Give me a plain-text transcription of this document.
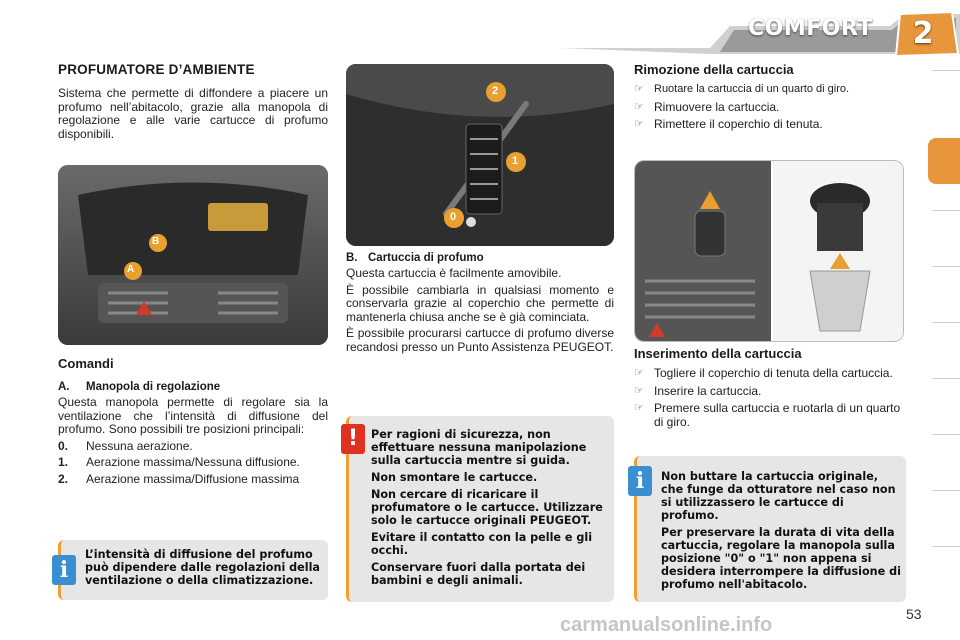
COMFORT 2
PROFUMATORE D’AMBIENTE

Sistema che permette di diffondere a piacere un profumo nell’abitacolo, grazie alla manopola di regolazione e alle varie cartucce di profumo disponibili.

B
A
Comandi
A.	Manopola di regolazione

Questa manopola permette di regolare sia la ventilazione che l’intensità di diffusione del profumo. Sono possibili tre posizioni principali:

0.	Nessuna aerazione.
1.	Aerazione massima/Nessuna diffusione.
2.	Aerazione massima/Diffusione massima
L’intensità di diffusione del profumo può dipendere dalle regolazioni della ventilazione o della climatizzazione.
i
2
1
0
B. Cartuccia di profumo

Questa cartuccia è facilmente amovibile.

È possibile cambiarla in qualsiasi momento e conservarla grazie al coperchio che permette di mantenerla chiusa anche se è già cominciata.

È possibile procurarsi cartucce di profumo diverse recandosi presso un Punto Assistenza PEUGEOT.

Per ragioni di sicurezza, non effettuare nessuna manipolazione sulla cartuccia mentre si guida.

Non smontare le cartucce.

Non cercare di ricaricare il profumatore o le cartucce. Utilizzare solo le cartucce originali PEUGEOT.

Evitare il contatto con la pelle e gli occhi.

Conservare fuori dalla portata dei bambini e degli animali.

!
Rimozione della cartuccia
☞ Ruotare la cartuccia di un quarto di giro.
☞ Rimuovere la cartuccia.
☞ Rimettere il coperchio di tenuta.
Inserimento della cartuccia
☞ Togliere il coperchio di tenuta della cartuccia.
☞ Inserire la cartuccia.
☞ Premere sulla cartuccia e ruotarla di un quarto di giro.

Non buttare la cartuccia originale, che funge da otturatore nel caso non si utilizzassero le cartucce di profumo.

Per preservare la durata di vita della cartuccia, regolare la manopola sulla posizione "0" o "1" non appena si desidera interrompere la diffusione di profumo nell'abitacolo.

i
53
carmanualsonline.info
